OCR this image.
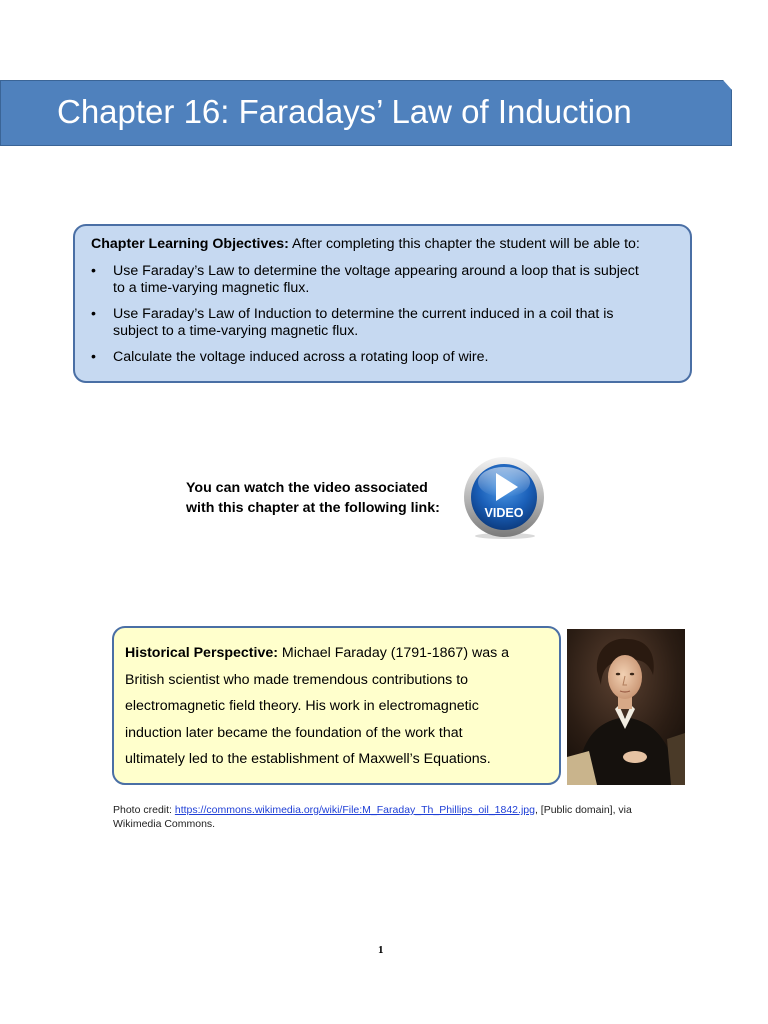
Chapter 16: Faradays’ Law of Induction
Chapter Learning Objectives: After completing this chapter the student will be able to:
• Use Faraday’s Law to determine the voltage appearing around a loop that is subject
to a time-varying magnetic flux.
• Use Faraday’s Law of Induction to determine the current induced in a coil that is
subject to a time-varying magnetic flux.
• Calculate the voltage induced across a rotating loop of wire.
You can watch the video associated
with this chapter at the following link:	VIDEO
Historical Perspective: Michael Faraday (1791-1867) was a
British scientist who made tremendous contributions to
electromagnetic field theory. His work in electromagnetic
induction later became the foundation of the work that
ultimately led to the establishment of Maxwell’s Equations.
Photo credit: https://commons.wikimedia.org/wiki/File:M_Faraday_Th_Phillips_oil_1842.jpg, [Public domain], via
Wikimedia Commons.
1
